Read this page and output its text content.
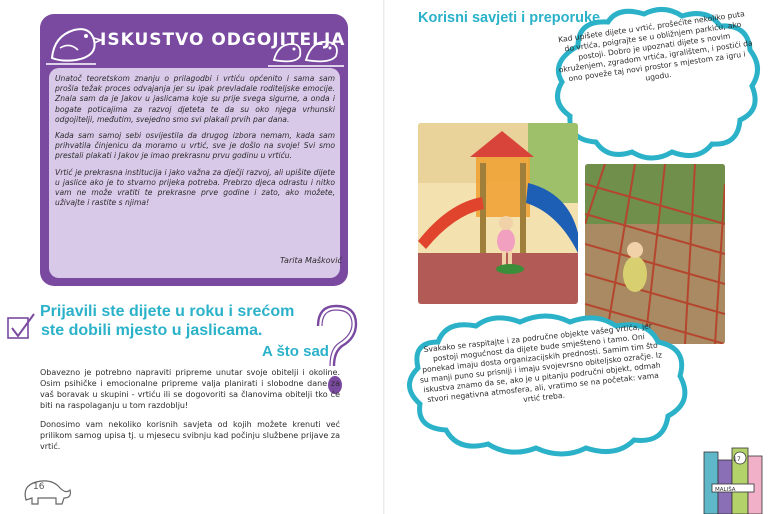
ISKUSTVO ODGOJITELJA

Unatoč teoretskom znanju o prilagodbi i vrtiću općenito i sama sam prošla težak proces odvajanja jer su ipak prevladale roditeljske emocije. Znala sam da je Jakov u jaslicama koje su prije svega sigurne, a onda i bogate poticajima za razvoj djeteta te da su oko njega vrhunski odgojitelji, međutim, svejedno smo svi plakali prvih par dana.

Kada sam samoj sebi osvijestila da drugog izbora nemam, kada sam prihvatila činjenicu da moramo u vrtić, sve je došlo na svoje! Svi smo prestali plakati i Jakov je imao prekrasnu prvu godinu u vrtiću.

Vrtić je prekrasna institucija i jako važna za dječji razvoj, ali upišite dijete u jaslice ako je to stvarno prijeka potreba. Prebrzo djeca odrastu i nitko vam ne može vratiti te prekrasne prve godine i zato, ako možete, uživajte i rastite s njima!

Tarita Mašković
Prijavili ste dijete u roku i srećom
ste dobili mjesto u jaslicama.
A što sad

Obavezno je potrebno napraviti pripreme unutar svoje obitelji i okoline. Osim psihičke i emocionalne pripreme valja planirati i slobodne dane za vaš boravak u skupini - vrtiću ili se dogovoriti sa članovima obitelji tko će biti na raspolaganju u tom razdoblju!

Donosimo vam nekoliko korisnih savjeta od kojih možete krenuti već prilikom samog upisa tj. u mjesecu svibnju kad počinju službene prijave za vrtić.

16
Korisni savjeti i preporuke
Kad upišete dijete u vrtić, prošećite nekoliko puta do vrtića, poigrajte se u obližnjem parkiću, ako postoji. Dobro je upoznati dijete s novim okruženjem, zgradom vrtića, igralištem, i postići da ono poveže taj novi prostor s mjestom za igru i ugodu.
Svakako se raspitajte i za područne objekte vašeg vrtića, jer postoji mogućnost da dijete bude smješteno i tamo. Oni ponekad imaju dosta organizacijskih prednosti. Samim tim što su manji puno su prisniji i imaju svojevrsno obiteljsko ozračje. Iz iskustva znamo da se, ako je u pitanju područni objekt, odmah stvori negativna atmosfera, ali, vratimo se na početak: vama vrtić treba.
17
MALIŠA
